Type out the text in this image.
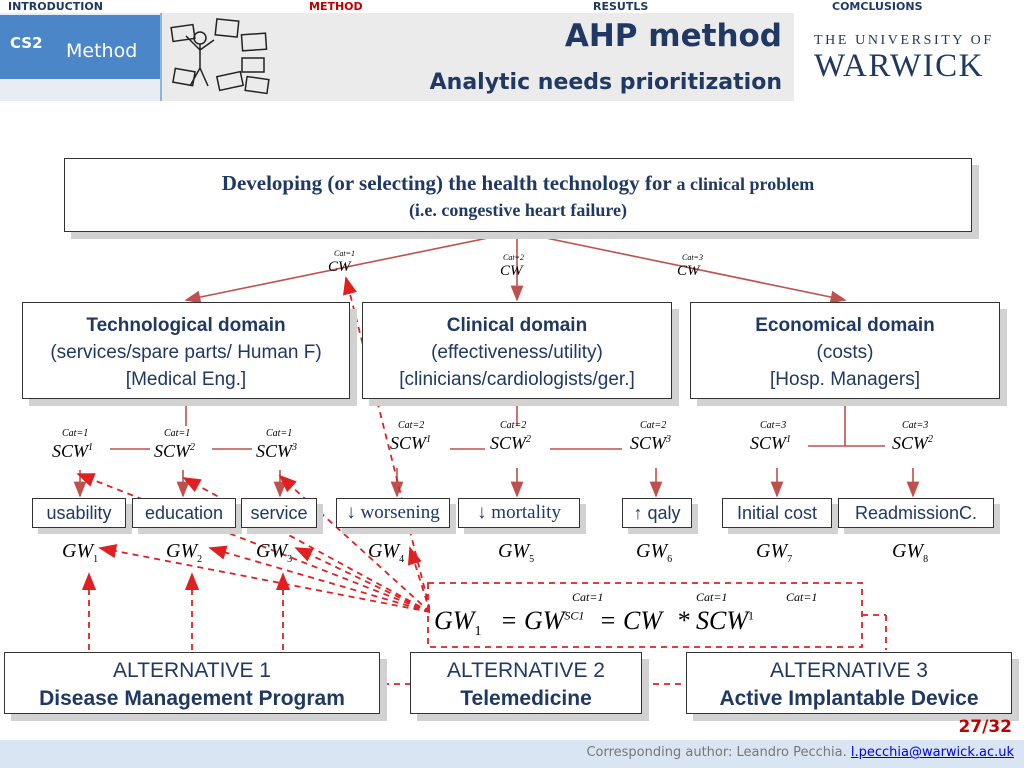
INTRODUCTION	METHOD	RESUTLS	COMCLUSIONS
CS2 Method	AHP method
Analytic needs prioritization
THE UNIVERSITY OF
WARWICK
Developing (or selecting) the health technology for a clinical problem
(i.e. congestive heart failure)
Cat=1
CW
Cat=2
CW
Cat=3
CW
Technological domain
(services/spare parts/ Human F)
[Medical Eng.]
Clinical domain
(effectiveness/utility)
[clinicians/cardiologists/ger.]
Economical domain
(costs)
[Hosp. Managers]
Cat=1
SCW$^1$
Cat=1
SCW$^2$
Cat=1
SCW$^3$
Cat=2
SCW$^1$
Cat=2
SCW$^2$
Cat=2
SCW$^3$
Cat=3
SCW$^1$
Cat=3
SCW$^2$
usability	education	service	↓ worsening	↓ mortality	↑ qaly	Initial cost	ReadmissionC.
$GW_1$	$GW_2$	$GW_3$	$GW_4$	$GW_5$	$GW_6$	$GW_7$	$GW_8$
Cat=1	Cat=1	Cat=1
$GW_1 = GW^{SC1}$ = CW * SCW$^1$
ALTERNATIVE 1
Disease Management Program
ALTERNATIVE 2
Telemedicine
ALTERNATIVE 3
Active Implantable Device
27/32
Corresponding author: Leandro Pecchia. l.pecchia@warwick.ac.uk
